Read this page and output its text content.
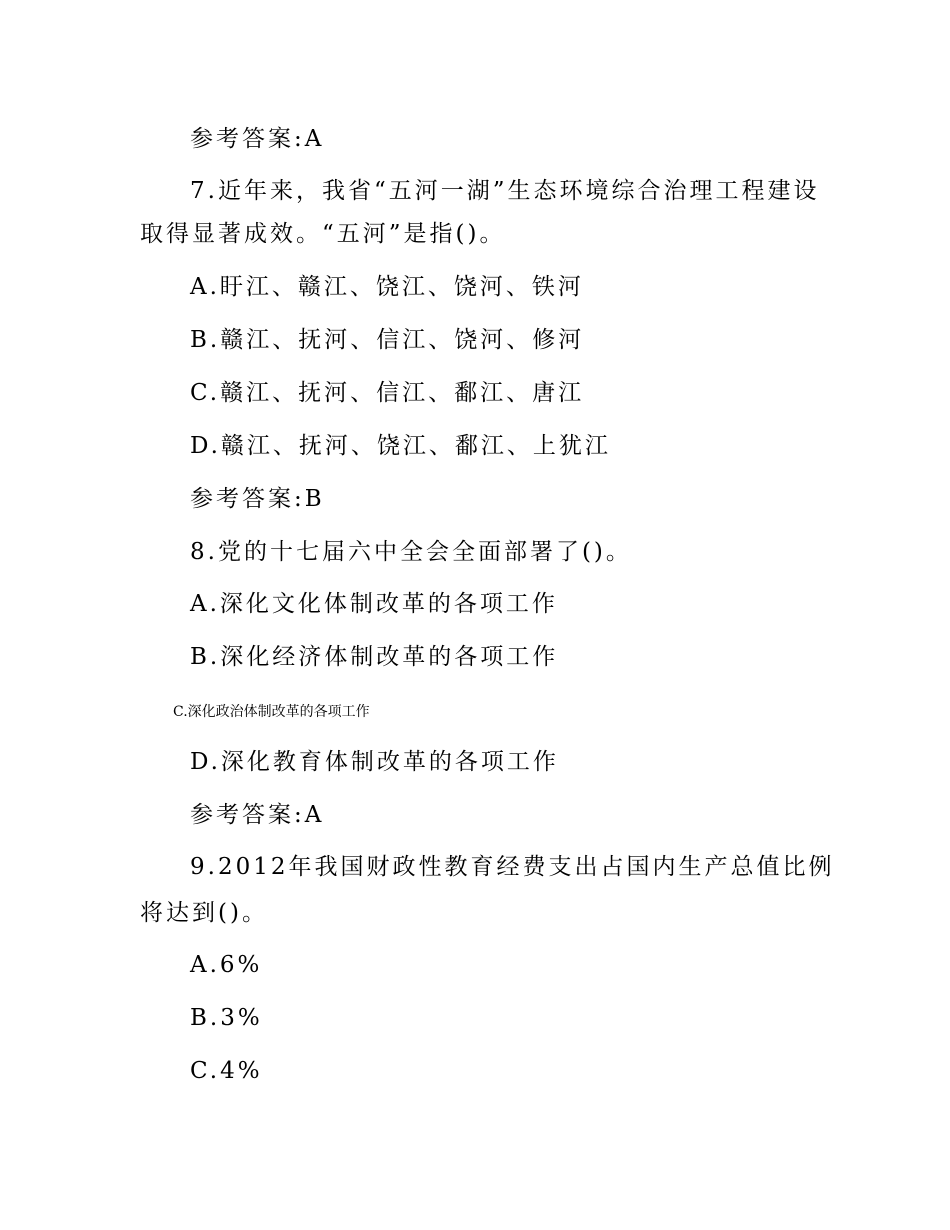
参考答案:A
7.近年来，我省“五河一湖”生态环境综合治理工程建设
取得显著成效。“五河”是指()。
A.盱江、赣江、饶江、饶河、铁河
B.赣江、抚河、信江、饶河、修河
C.赣江、抚河、信江、鄱江、唐江
D.赣江、抚河、饶江、鄱江、上犹江
参考答案:B
8.党的十七届六中全会全面部署了()。
A.深化文化体制改革的各项工作
B.深化经济体制改革的各项工作
C.深化政治体制改革的各项工作
D.深化教育体制改革的各项工作
参考答案:A
9.2012年我国财政性教育经费支出占国内生产总值比例
将达到()。
A.6%
B.3%
C.4%
